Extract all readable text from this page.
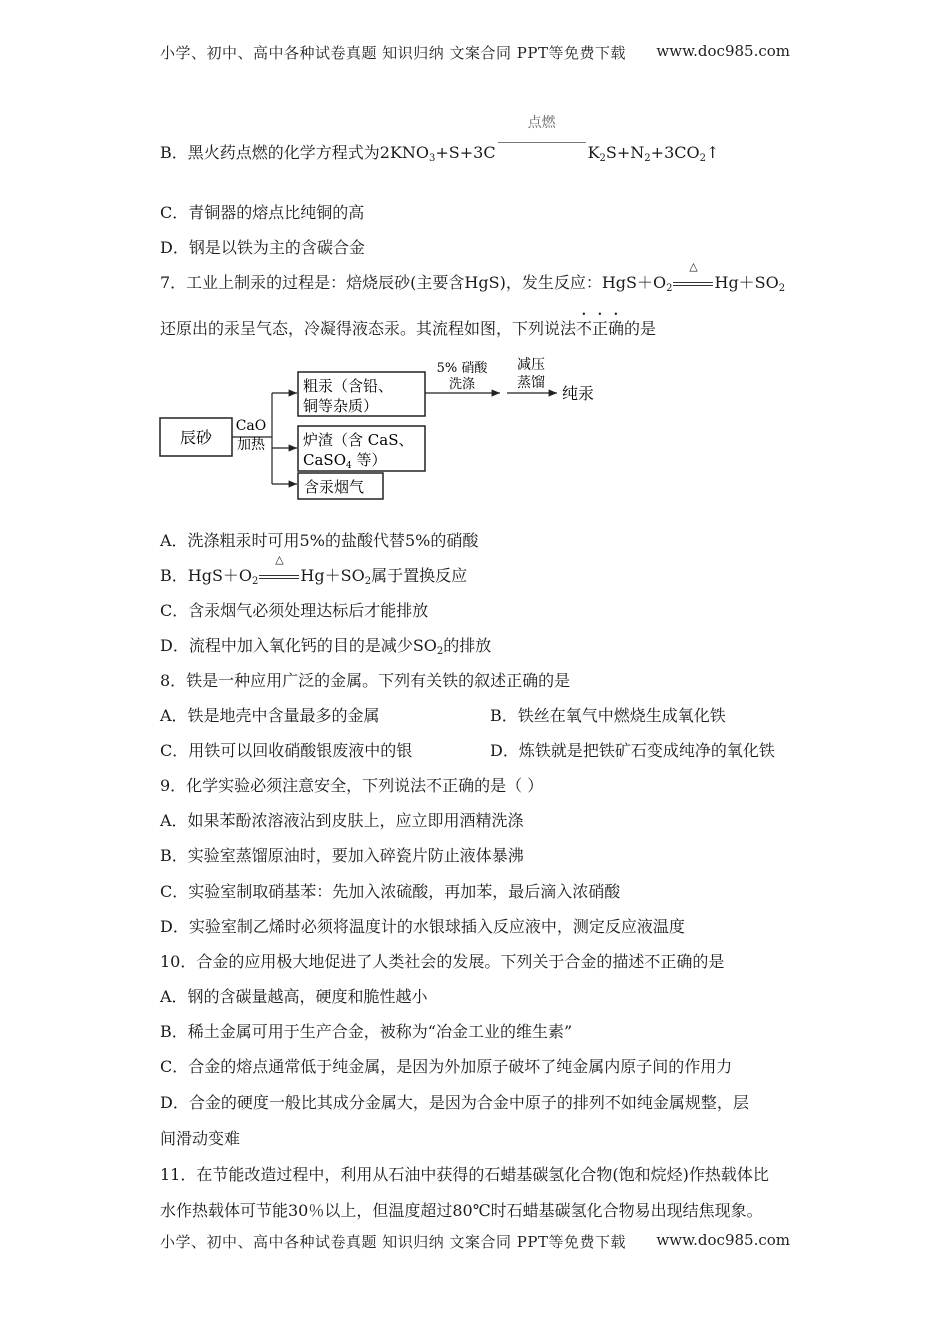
小学、初中、高中各种试卷真题 知识归纳 文案合同 PPT等免费下载 www.doc985.com
B．黑火药点燃的化学方程式为$2KNO_3+S+3C$
点燃
$K_2S+N_2+3CO_2↑$
C．青铜器的熔点比纯铜的高
D．钢是以铁为主的含碳合金
7．工业上制汞的过程是：焙烧辰砂(主要含HgS)，发生反应：$HgS+O_2$
△
$Hg+SO_2$
还原出的汞呈气态，冷凝得液态汞。其流程如图，下列说法不正确的是
辰砂
CaO
加热
粗汞（含铅、
铜等杂质）
炉渣（含 CaS、
CaSO$_4$ 等）
含汞烟气
5% 硝酸
洗涤
减压
蒸馏
纯汞
A．洗涤粗汞时可用5%的盐酸代替5%的硝酸
B．$HgS+O_2$
△
$Hg+SO_2$属于置换反应
C．含汞烟气必须处理达标后才能排放
D．流程中加入氧化钙的目的是减少$SO_2$的排放
8．铁是一种应用广泛的金属。下列有关铁的叙述正确的是
A．铁是地壳中含量最多的金属	B．铁丝在氧气中燃烧生成氧化铁
C．用铁可以回收硝酸银废液中的银	D．炼铁就是把铁矿石变成纯净的氧化铁
9．化学实验必须注意安全，下列说法不正确的是（ ）
A．如果苯酚浓溶液沾到皮肤上，应立即用酒精洗涤
B．实验室蒸馏原油时，要加入碎瓷片防止液体暴沸
C．实验室制取硝基苯：先加入浓硫酸，再加苯，最后滴入浓硝酸
D．实验室制乙烯时必须将温度计的水银球插入反应液中，测定反应液温度
10．合金的应用极大地促进了人类社会的发展。下列关于合金的描述不正确的是
A．钢的含碳量越高，硬度和脆性越小
B．稀土金属可用于生产合金，被称为“冶金工业的维生素”
C．合金的熔点通常低于纯金属，是因为外加原子破坏了纯金属内原子间的作用力
D．合金的硬度一般比其成分金属大，是因为合金中原子的排列不如纯金属规整，层
间滑动变难
11．在节能改造过程中，利用从石油中获得的石蜡基碳氢化合物(饱和烷烃)作热载体比
水作热载体可节能30％以上，但温度超过80℃时石蜡基碳氢化合物易出现结焦现象。
小学、初中、高中各种试卷真题 知识归纳 文案合同 PPT等免费下载 www.doc985.com
